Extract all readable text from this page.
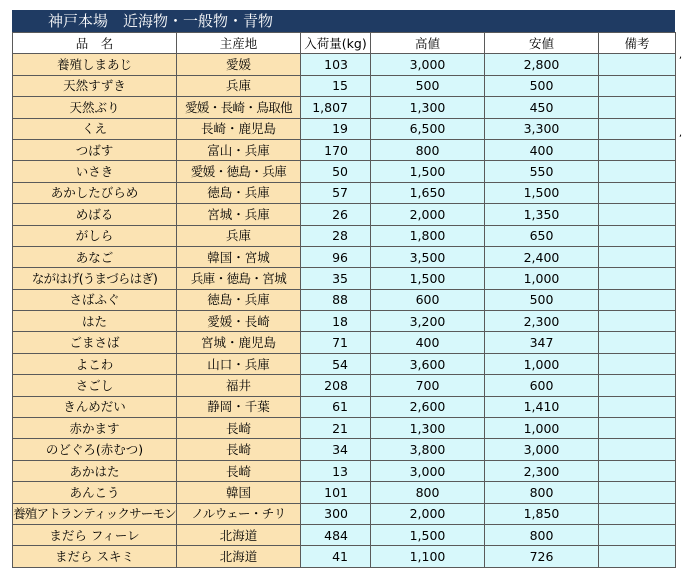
神戸本場　近海物・一般物・青物
品　名	主産地	入荷量(kg)	高値	安値	備考
養殖しまあじ	愛媛	103	3,000	2,800	
天然すずき	兵庫	15	500	500	
天然ぶり	愛媛・長崎・鳥取他	1,807	1,300	450	
くえ	長崎・鹿児島	19	6,500	3,300	
つばす	富山・兵庫	170	800	400	
いさき	愛媛・徳島・兵庫	50	1,500	550	
あかしたびらめ	徳島・兵庫	57	1,650	1,500	
めばる	宮城・兵庫	26	2,000	1,350	
がしら	兵庫	28	1,800	650	
あなご	韓国・宮城	96	3,500	2,400	
ながはげ(うまづらはぎ)	兵庫・徳島・宮城	35	1,500	1,000	
さばふぐ	徳島・兵庫	88	600	500	
はた	愛媛・長崎	18	3,200	2,300	
ごまさば	宮城・鹿児島	71	400	347	
よこわ	山口・兵庫	54	3,600	1,000	
さごし	福井	208	700	600	
きんめだい	静岡・千葉	61	2,600	1,410	
赤かます	長崎	21	1,300	1,000	
のどぐろ(赤むつ)	長崎	34	3,800	3,000	
あかはた	長崎	13	3,000	2,300	
あんこう	韓国	101	800	800	
養殖アトランティックサーモン	ノルウェー・チリ	300	2,000	1,850	
まだら フィーレ	北海道	484	1,500	800	
まだら スキミ	北海道	41	1,100	726	
,
,
